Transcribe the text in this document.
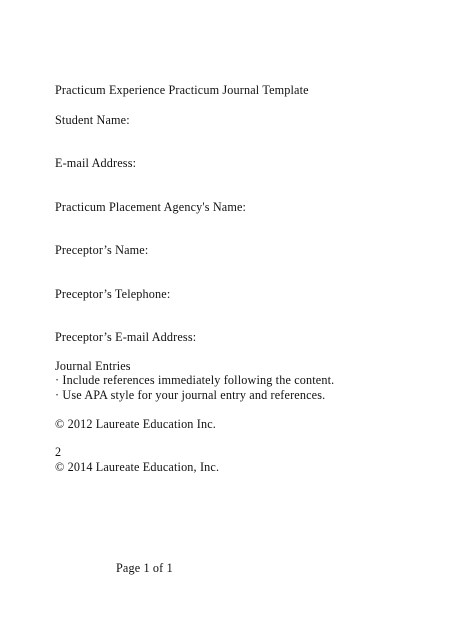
Practicum Experience Practicum Journal Template
Student Name:
E-mail Address:
Practicum Placement Agency's Name:
Preceptor’s Name:
Preceptor’s Telephone:
Preceptor’s E-mail Address:
Journal Entries
· Include references immediately following the content.
· Use APA style for your journal entry and references.
© 2012 Laureate Education Inc.
2
© 2014 Laureate Education, Inc.
Page 1 of 1
